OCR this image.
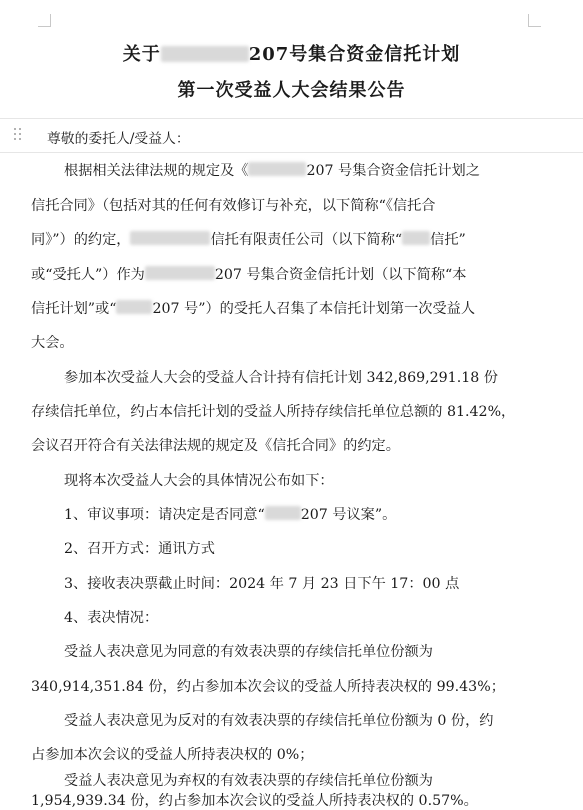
关于	207号集合资金信托计划
第一次受益人大会结果公告
尊敬的委托人/受益人：
根据相关法律法规的规定及《	207 号集合资金信托计划之
信托合同》（包括对其的任何有效修订与补充，以下简称“《信托合
同》”）的约定，	信托有限责任公司（以下简称“ 信托”
或“受托人”）作为	207 号集合资金信托计划（以下简称“本
信托计划”或“	207 号”）的受托人召集了本信托计划第一次受益人
大会。
参加本次受益人大会的受益人合计持有信托计划 342,869,291.18 份
存续信托单位，约占本信托计划的受益人所持存续信托单位总额的 81.42%，
会议召开符合有关法律法规的规定及《信托合同》的约定。
现将本次受益人大会的具体情况公布如下：
1、审议事项：请决定是否同意“	207 号议案”。
2、召开方式：通讯方式
3、接收表决票截止时间：2024 年 7 月 23 日下午 17：00 点
4、表决情况：
受益人表决意见为同意的有效表决票的存续信托单位份额为
340,914,351.84 份，约占参加本次会议的受益人所持表决权的 99.43%；
受益人表决意见为反对的有效表决票的存续信托单位份额为 0 份，约
占参加本次会议的受益人所持表决权的 0%；
受益人表决意见为弃权的有效表决票的存续信托单位份额为
1,954,939.34 份，约占参加本次会议的受益人所持表决权的 0.57%。
